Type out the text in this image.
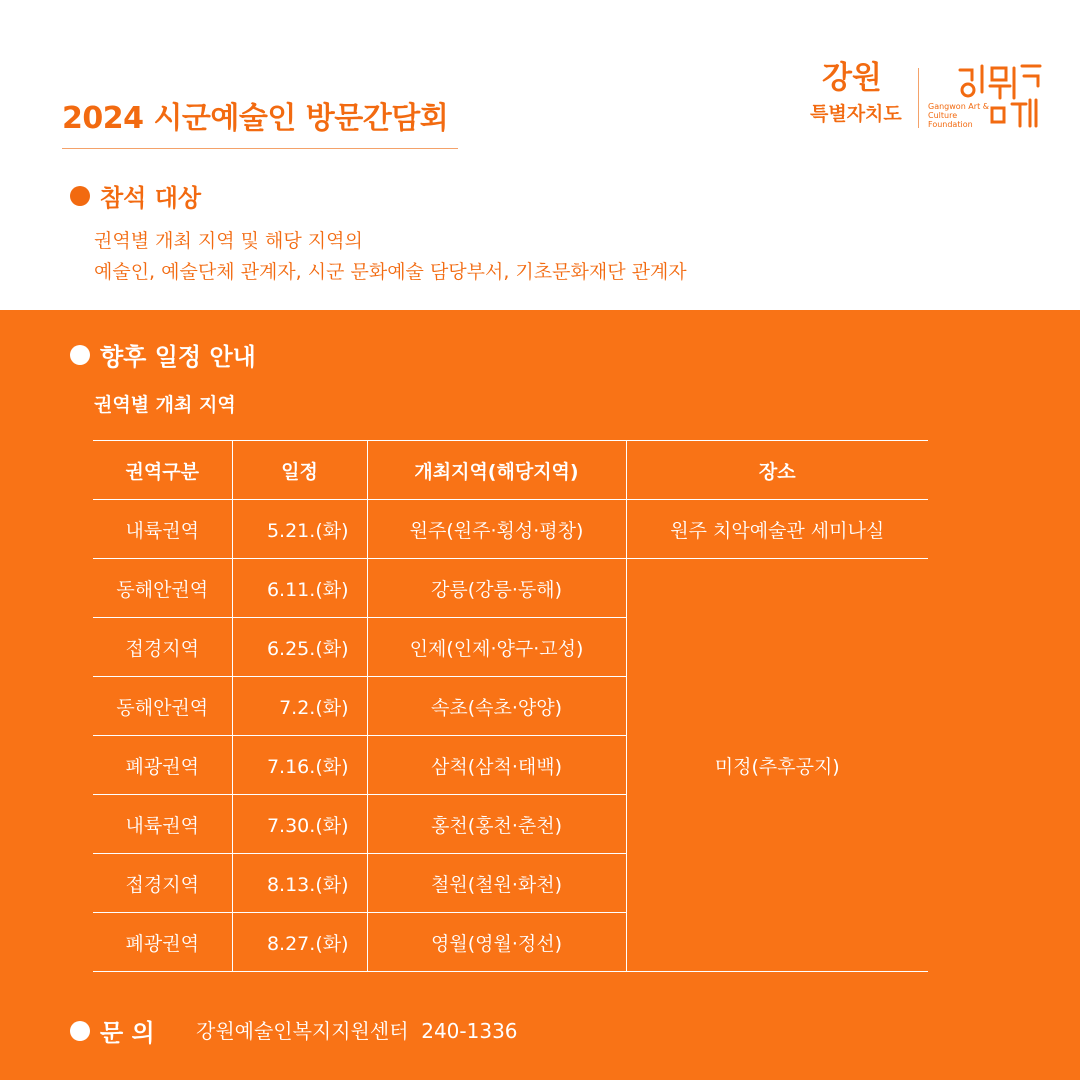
2024 시군예술인 방문간담회
강원
특별자치도	Gangwon Art & Culture Foundation
참석 대상
권역별 개최 지역 및 해당 지역의
예술인, 예술단체 관계자, 시군 문화예술 담당부서, 기초문화재단 관계자
향후 일정 안내
권역별 개최 지역
권역구분	일정	개최지역(해당지역)	장소
내륙권역	5.21.(화)	원주(원주·횡성·평창)	원주 치악예술관 세미나실
동해안권역	6.11.(화)	강릉(강릉·동해)	미정(추후공지)
접경지역	6.25.(화)	인제(인제·양구·고성)	
동해안권역	7.2.(화)	속초(속초·양양)	
폐광권역	7.16.(화)	삼척(삼척·태백)	
내륙권역	7.30.(화)	홍천(홍천·춘천)	
접경지역	8.13.(화)	철원(철원·화천)	
폐광권역	8.27.(화)	영월(영월·정선)	
문 의 강원예술인복지지원센터  240-1336
